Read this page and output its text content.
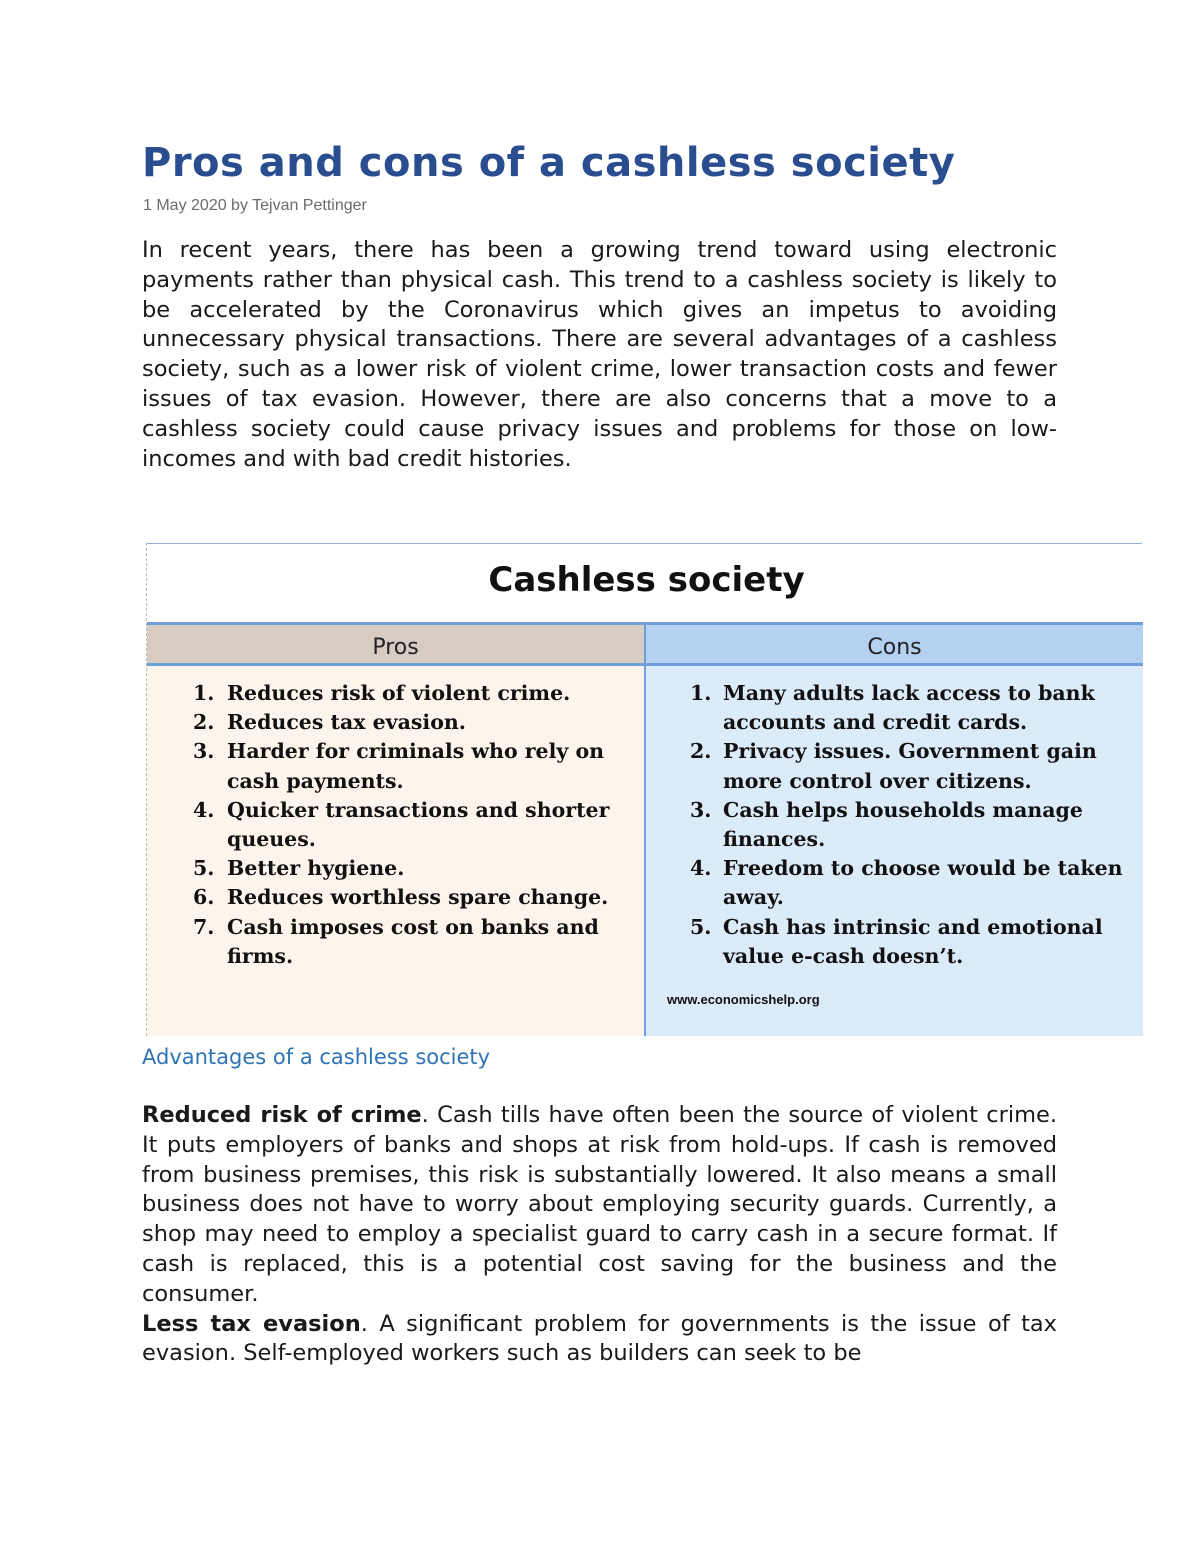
Pros and cons of a cashless society
1 May 2020 by Tejvan Pettinger

In recent years, there has been a growing trend toward using electronic payments rather than physical cash. This trend to a cashless society is likely to be accelerated by the Coronavirus which gives an impetus to avoiding unnecessary physical transactions. There are several advantages of a cashless society, such as a lower risk of violent crime, lower transaction costs and fewer issues of tax evasion. However, there are also concerns that a move to a cashless society could cause privacy issues and problems for those on low-incomes and with bad credit histories.

Cashless society
Pros
1. Reduces risk of violent crime.
2. Reduces tax evasion.
3. Harder for criminals who rely on cash payments.
4. Quicker transactions and shorter queues.
5. Better hygiene.
6. Reduces worthless spare change.
7. Cash imposes cost on banks and firms.
Cons
1. Many adults lack access to bank accounts and credit cards.
2. Privacy issues. Government gain more control over citizens.
3. Cash helps households manage finances.
4. Freedom to choose would be taken away.
5. Cash has intrinsic and emotional value e-cash doesn’t.
www.economicshelp.org
Advantages of a cashless society

Reduced risk of crime. Cash tills have often been the source of violent crime. It puts employers of banks and shops at risk from hold-ups. If cash is removed from business premises, this risk is substantially lowered. It also means a small business does not have to worry about employing security guards. Currently, a shop may need to employ a specialist guard to carry cash in a secure format. If cash is replaced, this is a potential cost saving for the business and the consumer.

Less tax evasion. A significant problem for governments is the issue of tax evasion. Self-employed workers such as builders can seek to be
